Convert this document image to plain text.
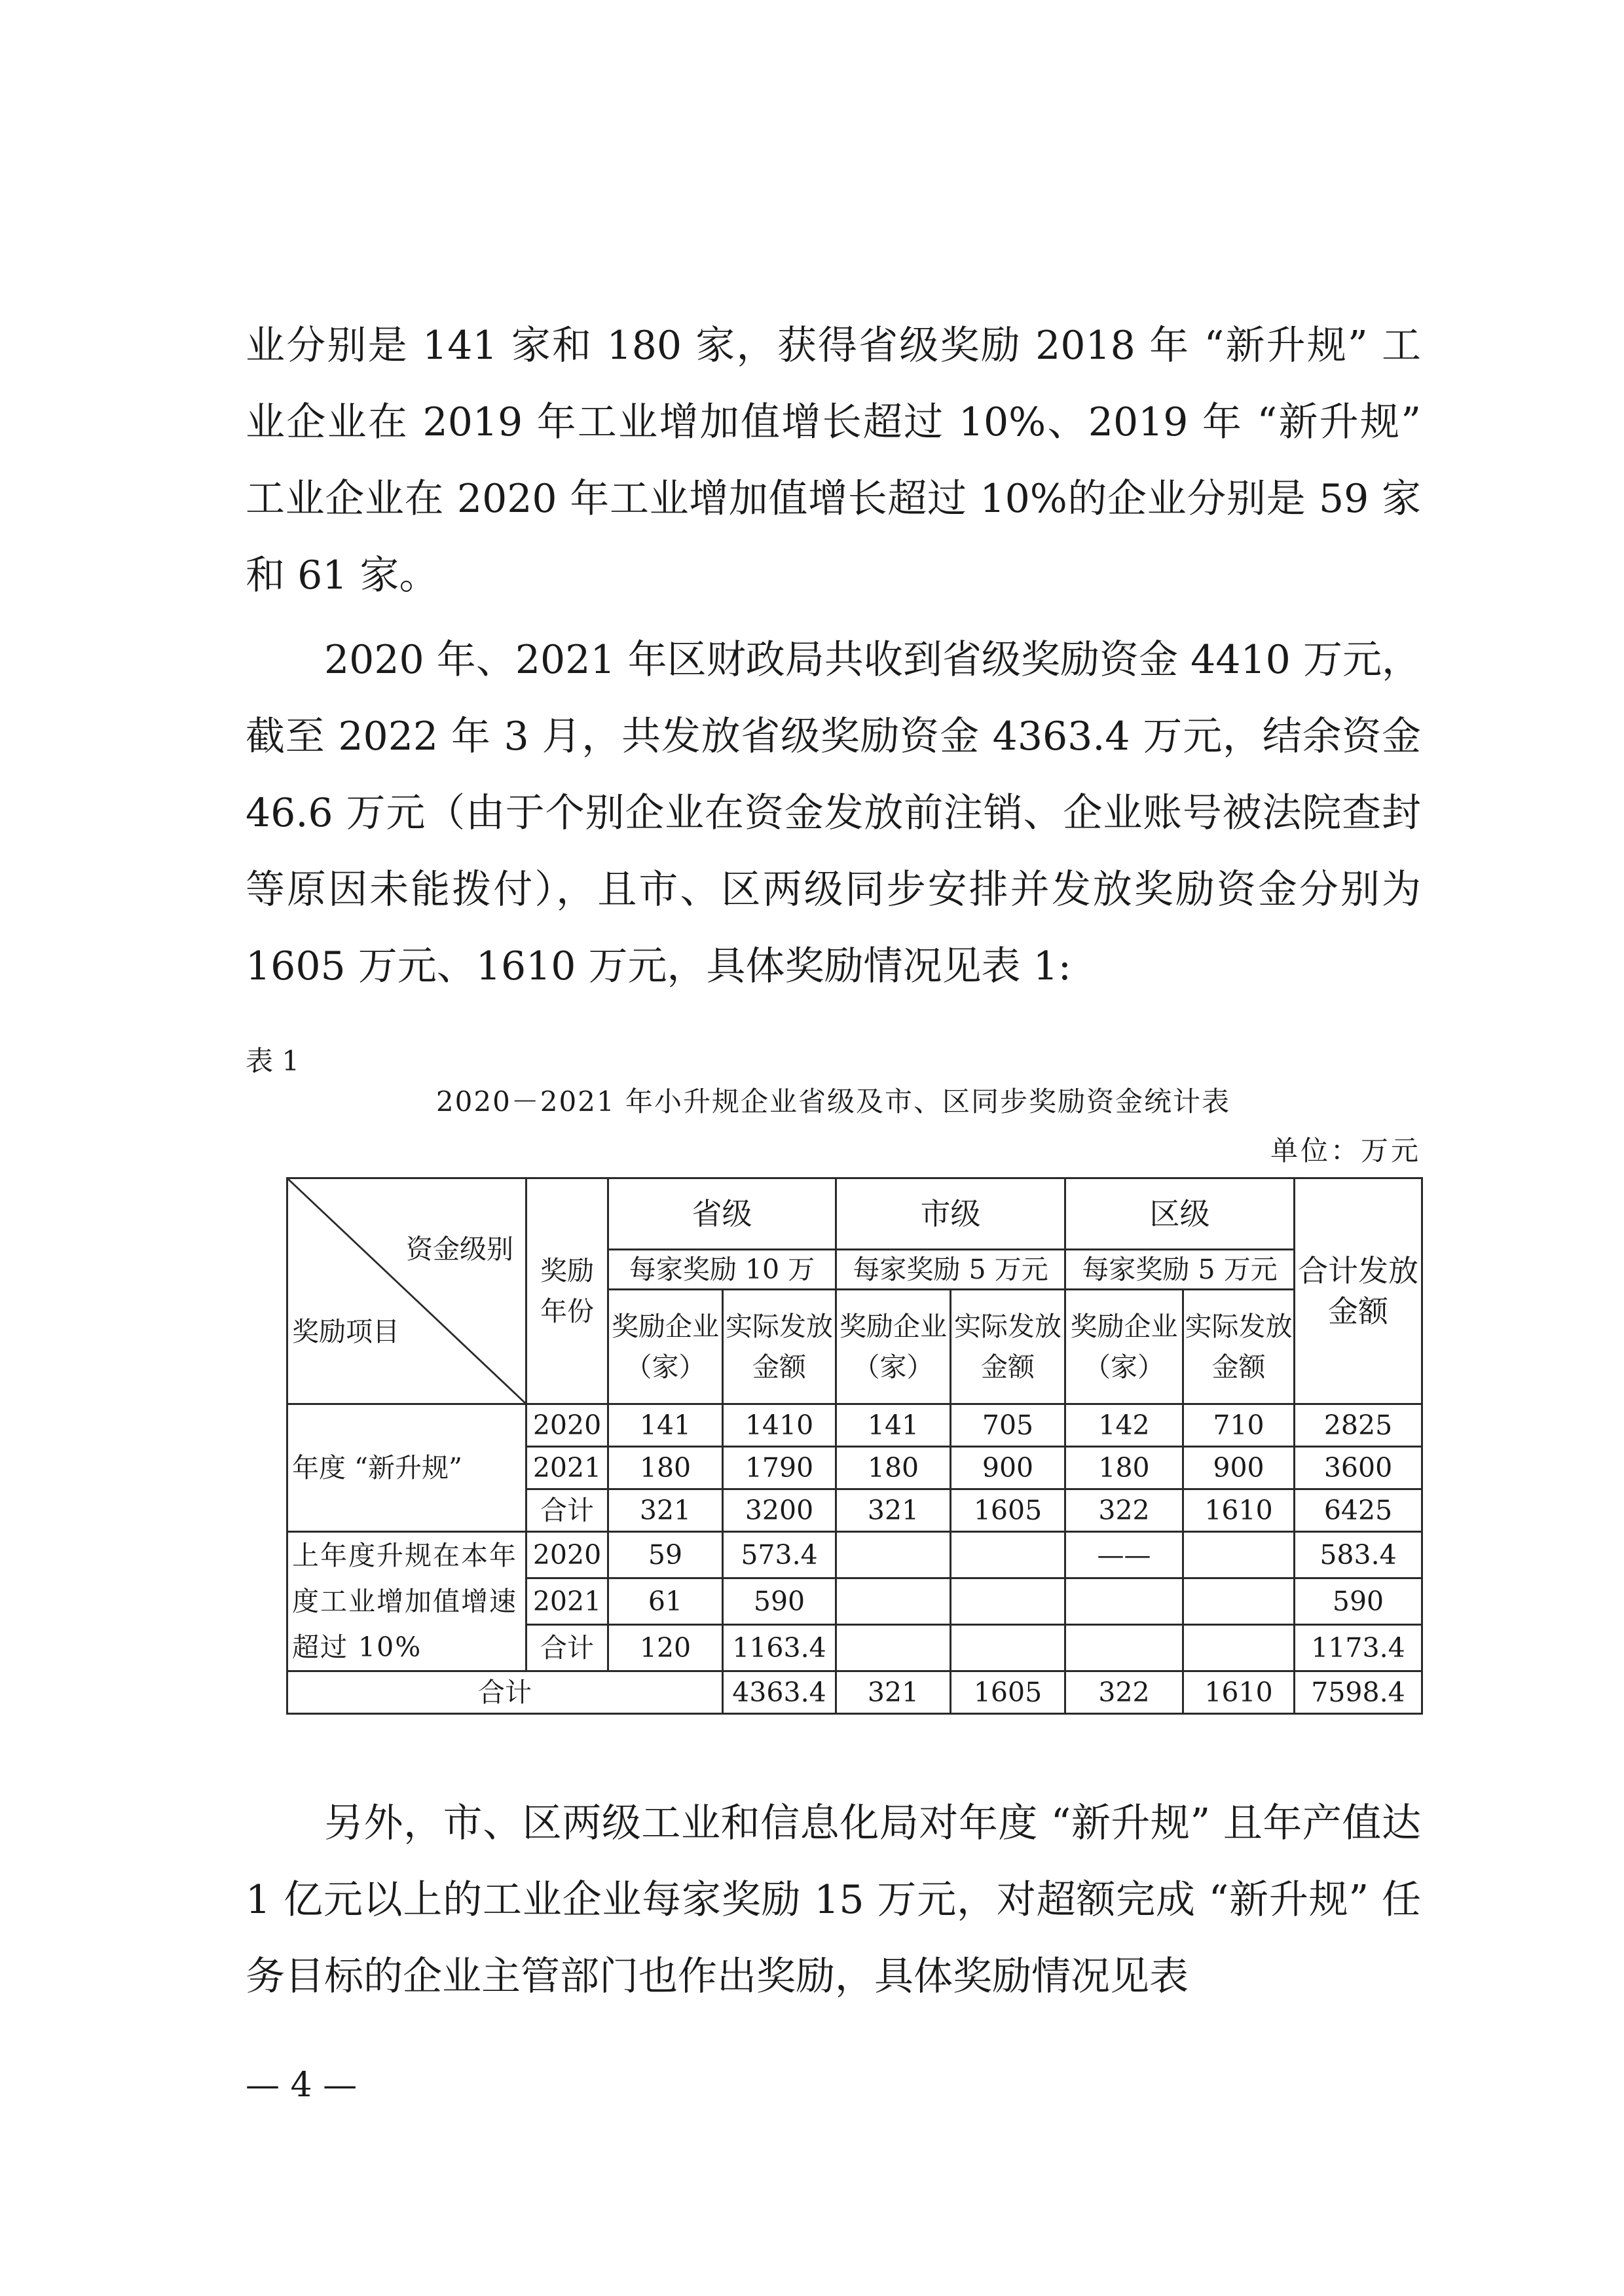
业分别是 141 家和 180 家，获得省级奖励 2018 年 “新升规” 工业企业在 2019 年工业增加值增长超过 10%、2019 年 “新升规” 工业企业在 2020 年工业增加值增长超过 10%的企业分别是 59 家和 61 家。

2020 年、2021 年区财政局共收到省级奖励资金 4410 万元，截至 2022 年 3 月，共发放省级奖励资金 4363.4 万元，结余资金 46.6 万元（由于个别企业在资金发放前注销、企业账号被法院查封等原因未能拨付），且市、区两级同步安排并发放奖励资金分别为 1605 万元、1610 万元，具体奖励情况见表 1:

表 1
2020－2021 年小升规企业省级及市、区同步奖励资金统计表
单位：万元
资金级别
奖励项目	奖励年份	省级		市级		区级		合计发放金额
		每家奖励 10 万		每家奖励 5 万元		每家奖励 5 万元		
		奖励企业（家）	实际发放金额	奖励企业（家）	实际发放金额	奖励企业（家）	实际发放金额	
年度 “新升规”	2020	141	1410	141	705	142	710	2825
	2021	180	1790	180	900	180	900	3600
	合计	321	3200	321	1605	322	1610	6425
上年度升规在本年度工业增加值增速超过 10%	2020	59	573.4			——		583.4
	2021	61	590					590
	合计	120	1163.4					1173.4
合计			4363.4	321	1605	322	1610	7598.4

另外，市、区两级工业和信息化局对年度 “新升规” 且年产值达 1 亿元以上的工业企业每家奖励 15 万元，对超额完成 “新升规” 任务目标的企业主管部门也作出奖励，具体奖励情况见表

— 4 —
